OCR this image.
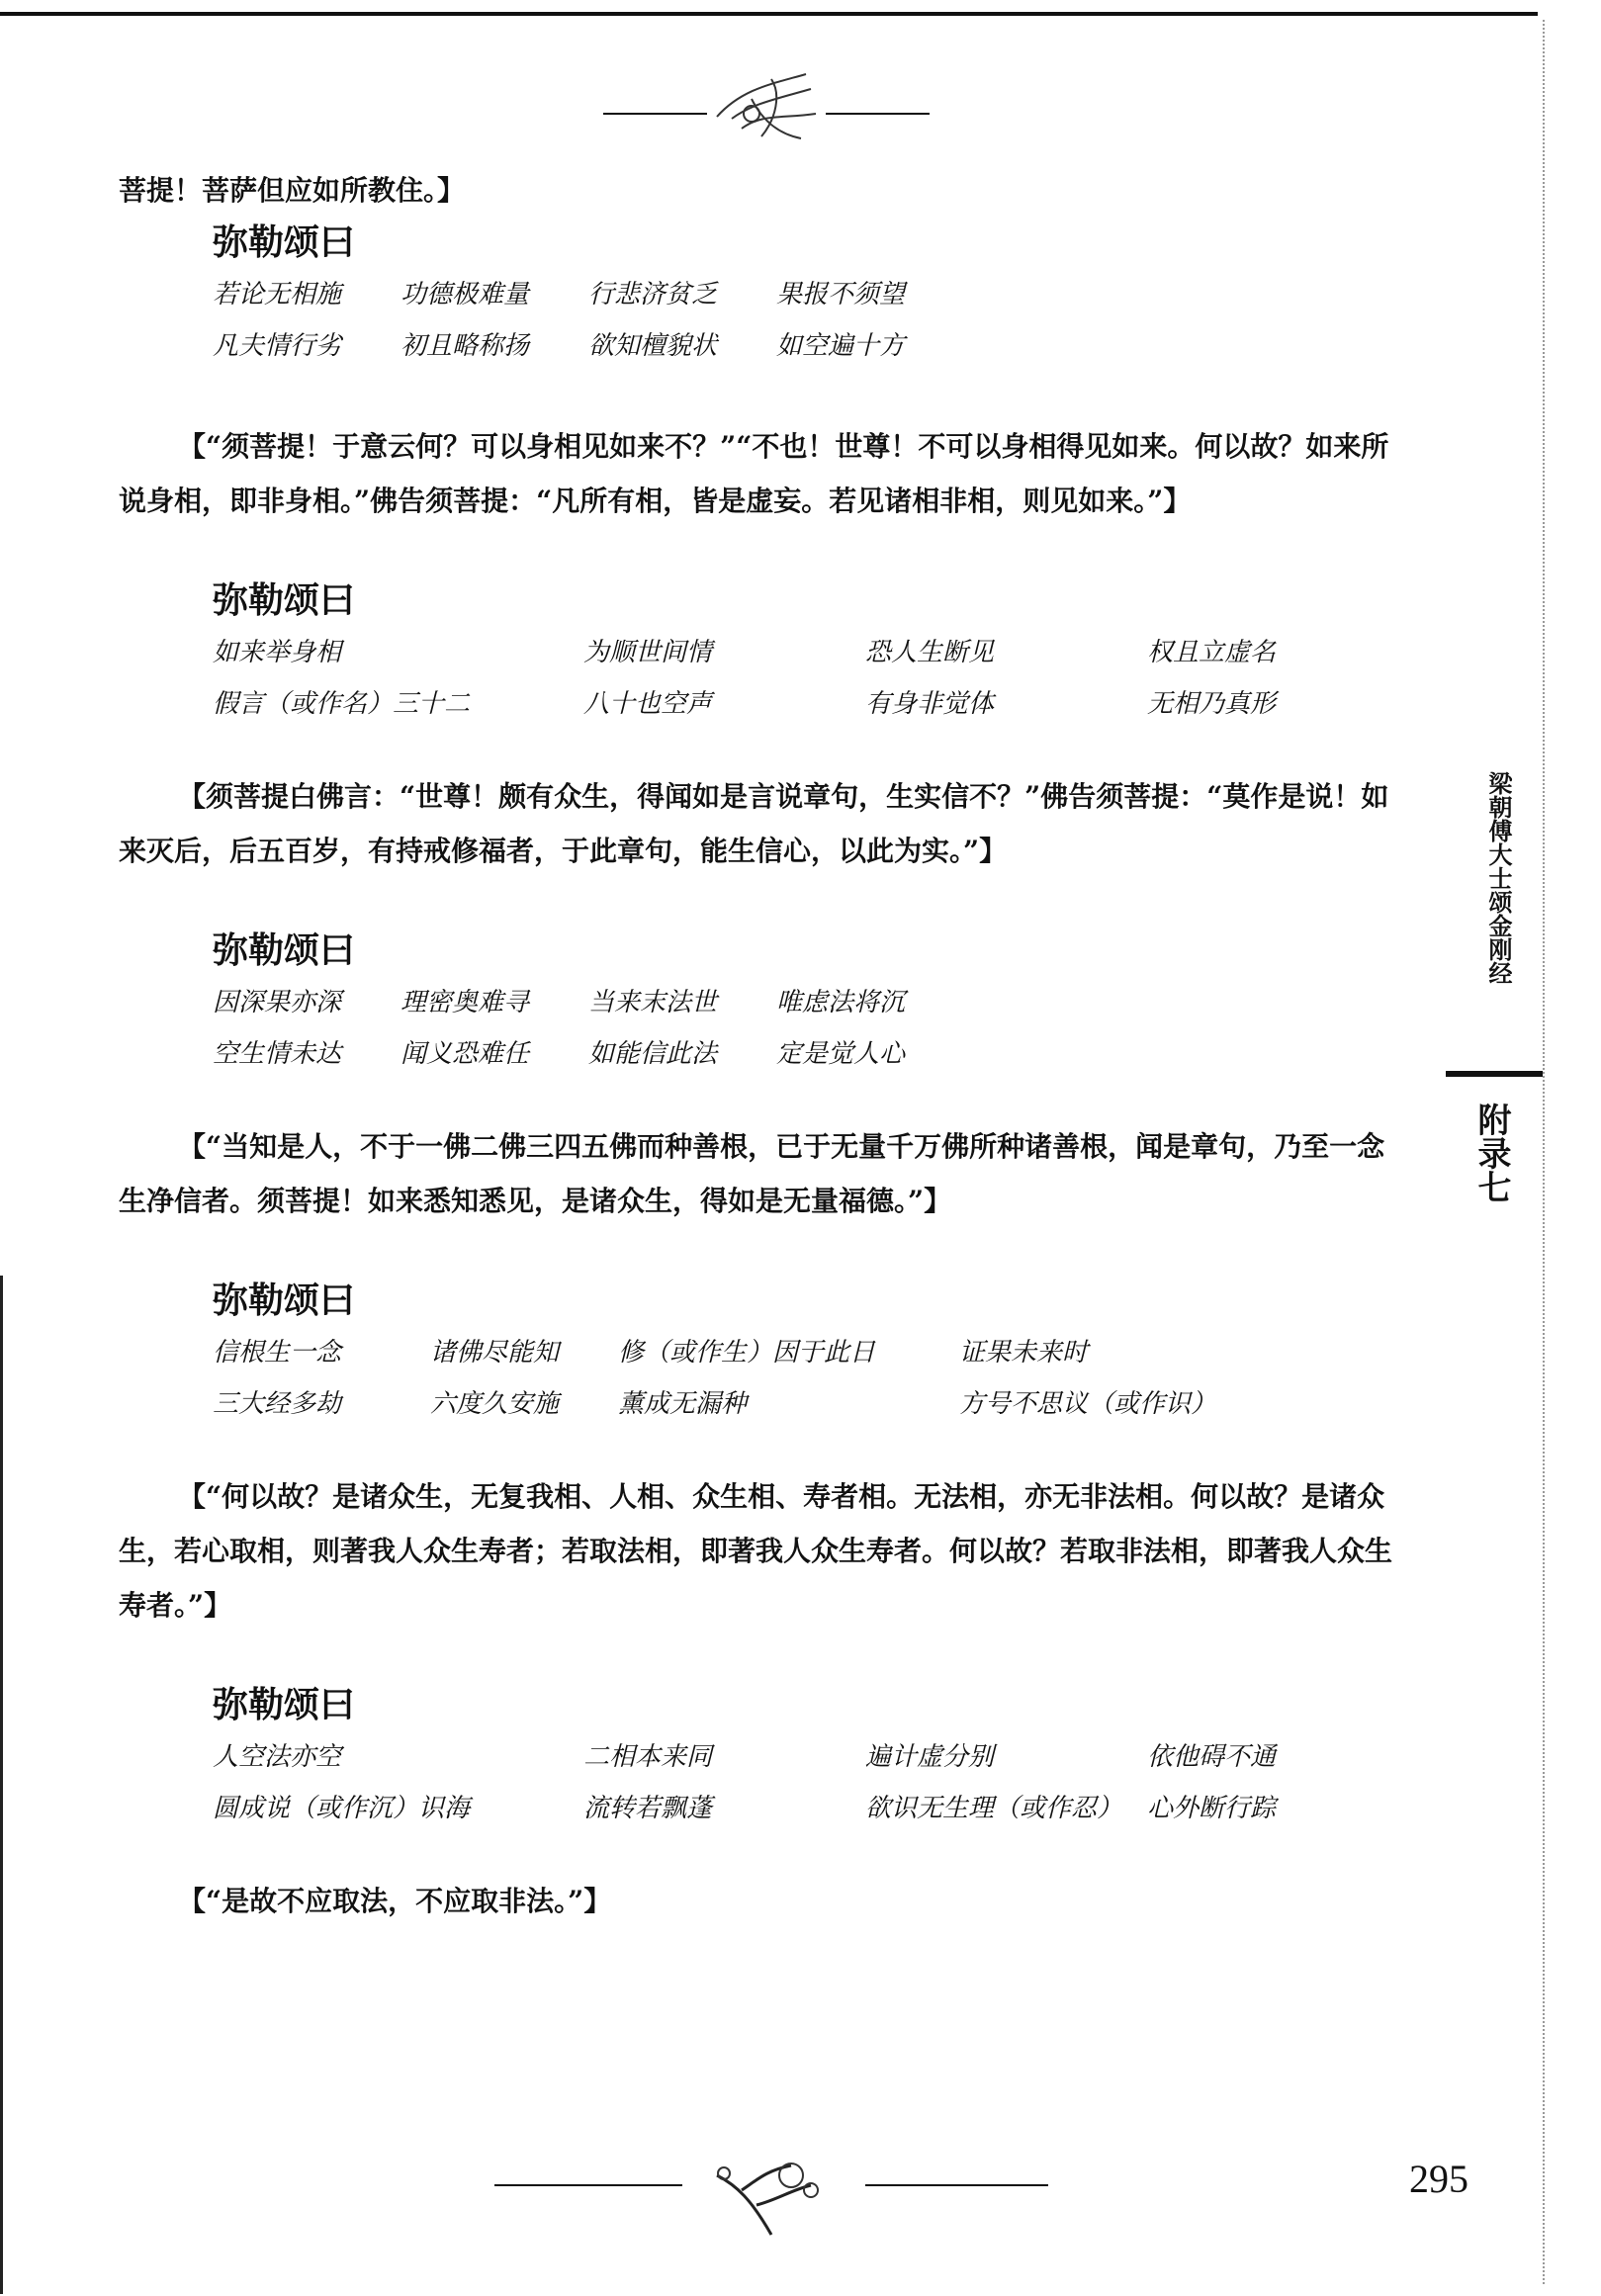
菩提！菩萨但应如所教住。】

弥勒颂曰
若论无相施	功德极难量	行悲济贫乏	果报不须望
凡夫情行劣	初且略称扬	欲知檀貌状	如空遍十方

【“须菩提！于意云何？可以身相见如来不？”“不也！世尊！不可以身相得见如来。何以故？如来所说身相，即非身相。”佛告须菩提：“凡所有相，皆是虚妄。若见诸相非相，则见如来。”】

弥勒颂曰
如来举身相	为顺世间情	恐人生断见	权且立虚名
假言（或作名）三十二	八十也空声	有身非觉体	无相乃真形

【须菩提白佛言：“世尊！颇有众生，得闻如是言说章句，生实信不？”佛告须菩提：“莫作是说！如来灭后，后五百岁，有持戒修福者，于此章句，能生信心，以此为实。”】

弥勒颂曰
因深果亦深	理密奥难寻	当来末法世	唯虑法将沉
空生情未达	闻义恐难任	如能信此法	定是觉人心

【“当知是人，不于一佛二佛三四五佛而种善根，已于无量千万佛所种诸善根，闻是章句，乃至一念生净信者。须菩提！如来悉知悉见，是诸众生，得如是无量福德。”】

弥勒颂曰
信根生一念	诸佛尽能知	修（或作生）因于此日	证果未来时
三大经多劫	六度久安施	薰成无漏种	方号不思议（或作识）

【“何以故？是诸众生，无复我相、人相、众生相、寿者相。无法相，亦无非法相。何以故？是诸众生，若心取相，则著我人众生寿者；若取法相，即著我人众生寿者。何以故？若取非法相，即著我人众生寿者。”】

弥勒颂曰
人空法亦空	二相本来同	遍计虚分别	依他碍不通
圆成说（或作沉）识海	流转若飘蓬	欲识无生理（或作忍） 心外断行踪

【“是故不应取法，不应取非法。”】

梁朝傅大士颂金刚经
附录七
295
